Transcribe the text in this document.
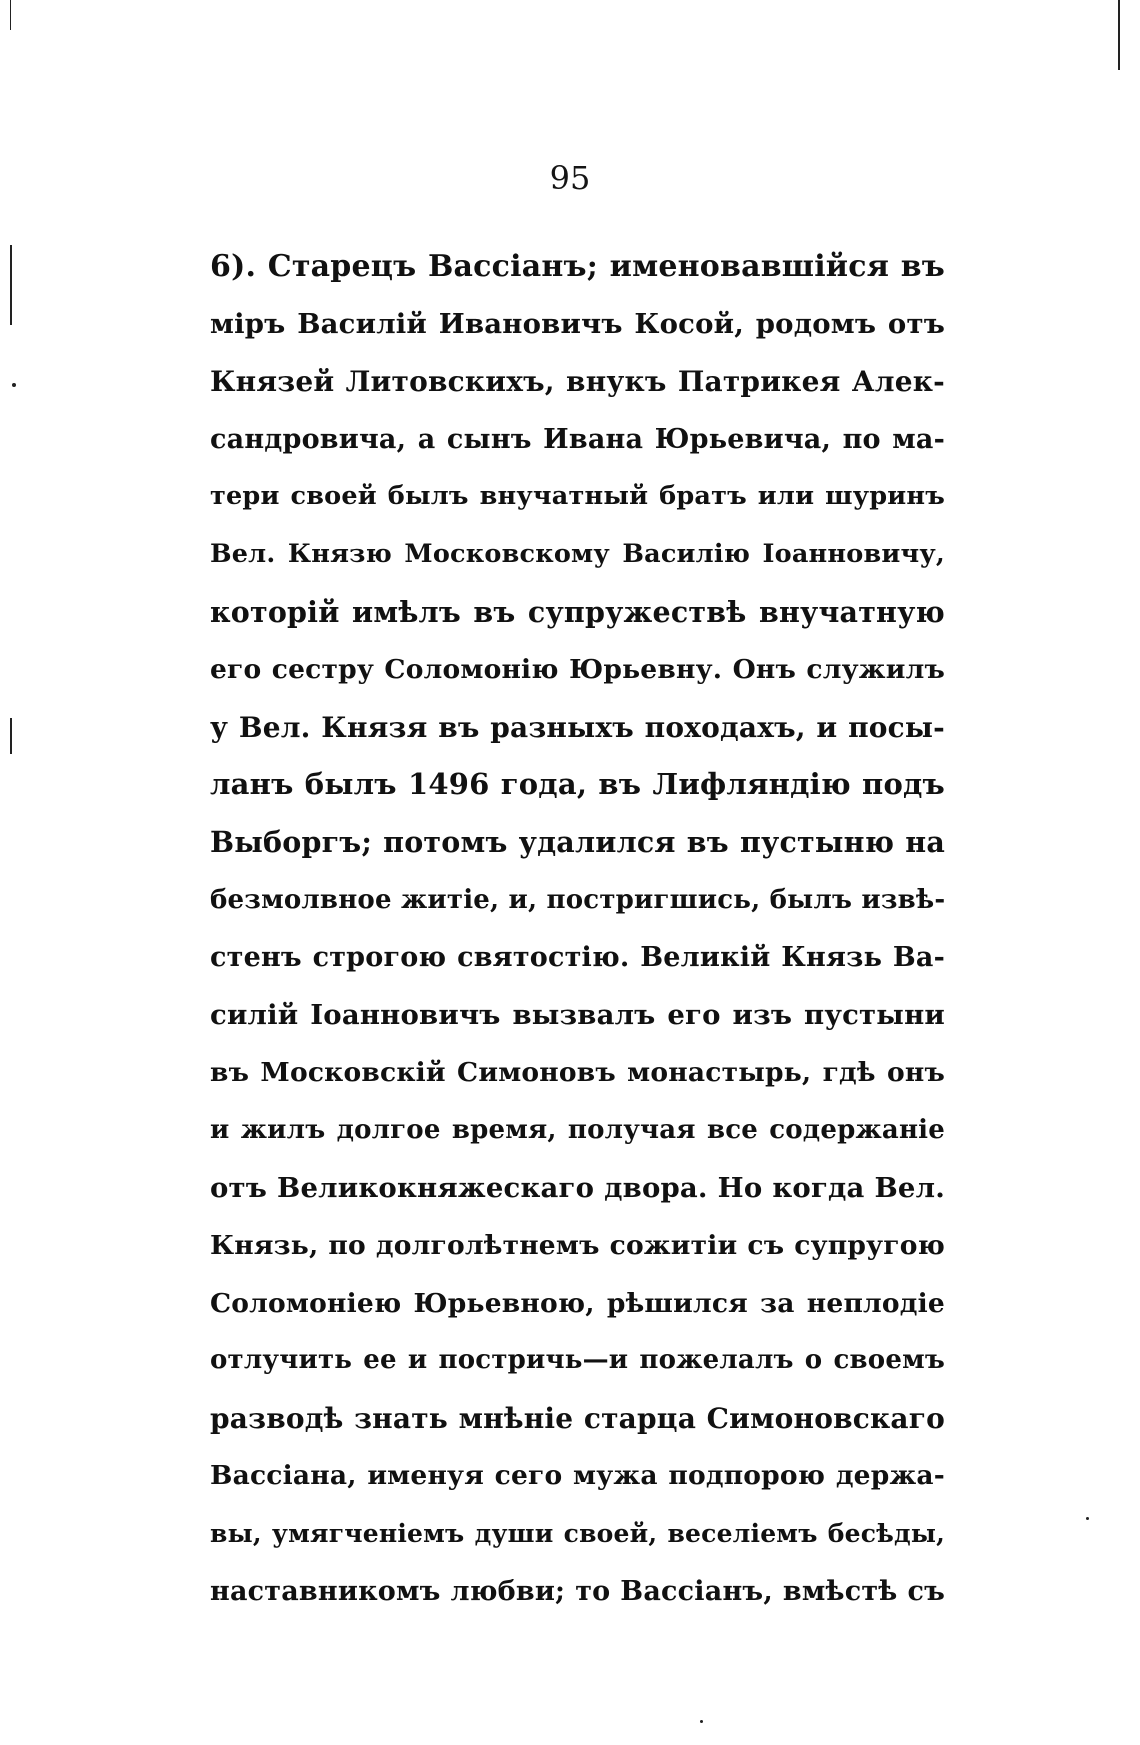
95
6). Старецъ Вассіанъ; именовавшійся въ
міръ Василій Ивановичъ Косой, родомъ отъ
Князей Литовскихъ, внукъ Патрикея Алек-
сандровича, а сынъ Ивана Юрьевича, по ма-
тери своей былъ внучатный братъ или шуринъ
Вел. Князю Московскому Василію Іоанновичу,
которій имѣлъ въ супружествѣ внучатную
его сестру Соломонію Юрьевну. Онъ служилъ
у Вел. Князя въ разныхъ походахъ, и посы-
ланъ былъ 1496 года, въ Лифляндію подъ
Выборгъ; потомъ удалился въ пустыню на
безмолвное житіе, и, постригшись, былъ извѣ-
стенъ строгою святостію. Великій Князь Ва-
силій Іоанновичъ вызвалъ его изъ пустыни
въ Московскій Симоновъ монастырь, гдѣ онъ
и жилъ долгое время, получая все содержаніе
отъ Великокняжескаго двора. Но когда Вел.
Князь, по долголѣтнемъ сожитіи съ супругою
Соломоніею Юрьевною, рѣшился за неплодіе
отлучить ее и постричь—и пожелалъ о своемъ
разводѣ знать мнѣніе старца Симоновскаго
Вассіана, именуя сего мужа подпорою держа-
вы, умягченіемъ души своей, веселіемъ бесѣды,
наставникомъ любви; то Вассіанъ, вмѣстѣ съ
